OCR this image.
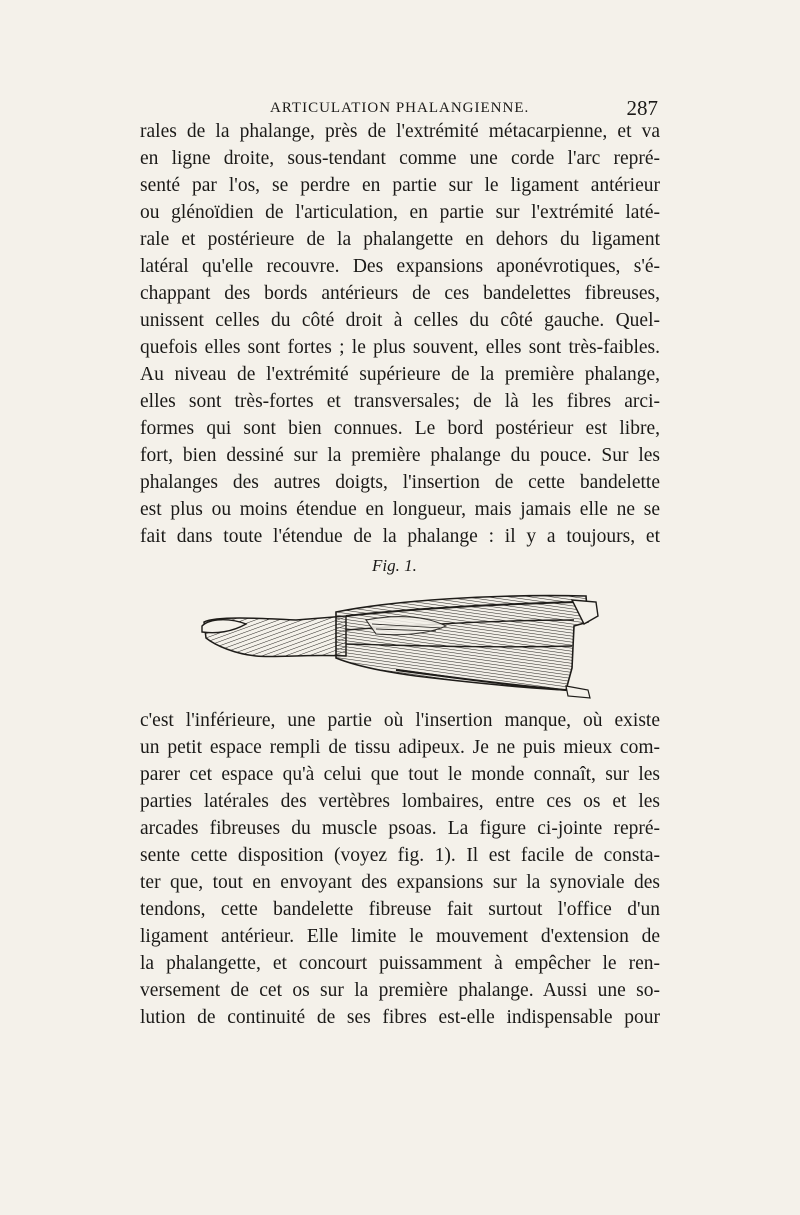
ARTICULATION PHALANGIENNE.	287
rales de la phalange, près de l'extrémité métacarpienne, et va
en ligne droite, sous-tendant comme une corde l'arc repré-
senté par l'os, se perdre en partie sur le ligament antérieur
ou glénoïdien de l'articulation, en partie sur l'extrémité laté-
rale et postérieure de la phalangette en dehors du ligament
latéral qu'elle recouvre. Des expansions aponévrotiques, s'é-
chappant des bords antérieurs de ces bandelettes fibreuses,
unissent celles du côté droit à celles du côté gauche. Quel-
quefois elles sont fortes ; le plus souvent, elles sont très-faibles.
Au niveau de l'extrémité supérieure de la première phalange,
elles sont très-fortes et transversales; de là les fibres arci-
formes qui sont bien connues. Le bord postérieur est libre,
fort, bien dessiné sur la première phalange du pouce. Sur les
phalanges des autres doigts, l'insertion de cette bandelette
est plus ou moins étendue en longueur, mais jamais elle ne se
fait dans toute l'étendue de la phalange : il y a toujours, et
Fig. 1.
c'est l'inférieure, une partie où l'insertion manque, où existe
un petit espace rempli de tissu adipeux. Je ne puis mieux com-
parer cet espace qu'à celui que tout le monde connaît, sur les
parties latérales des vertèbres lombaires, entre ces os et les
arcades fibreuses du muscle psoas. La figure ci-jointe repré-
sente cette disposition (voyez fig. 1). Il est facile de consta-
ter que, tout en envoyant des expansions sur la synoviale des
tendons, cette bandelette fibreuse fait surtout l'office d'un
ligament antérieur. Elle limite le mouvement d'extension de
la phalangette, et concourt puissamment à empêcher le ren-
versement de cet os sur la première phalange. Aussi une so-
lution de continuité de ses fibres est-elle indispensable pour
